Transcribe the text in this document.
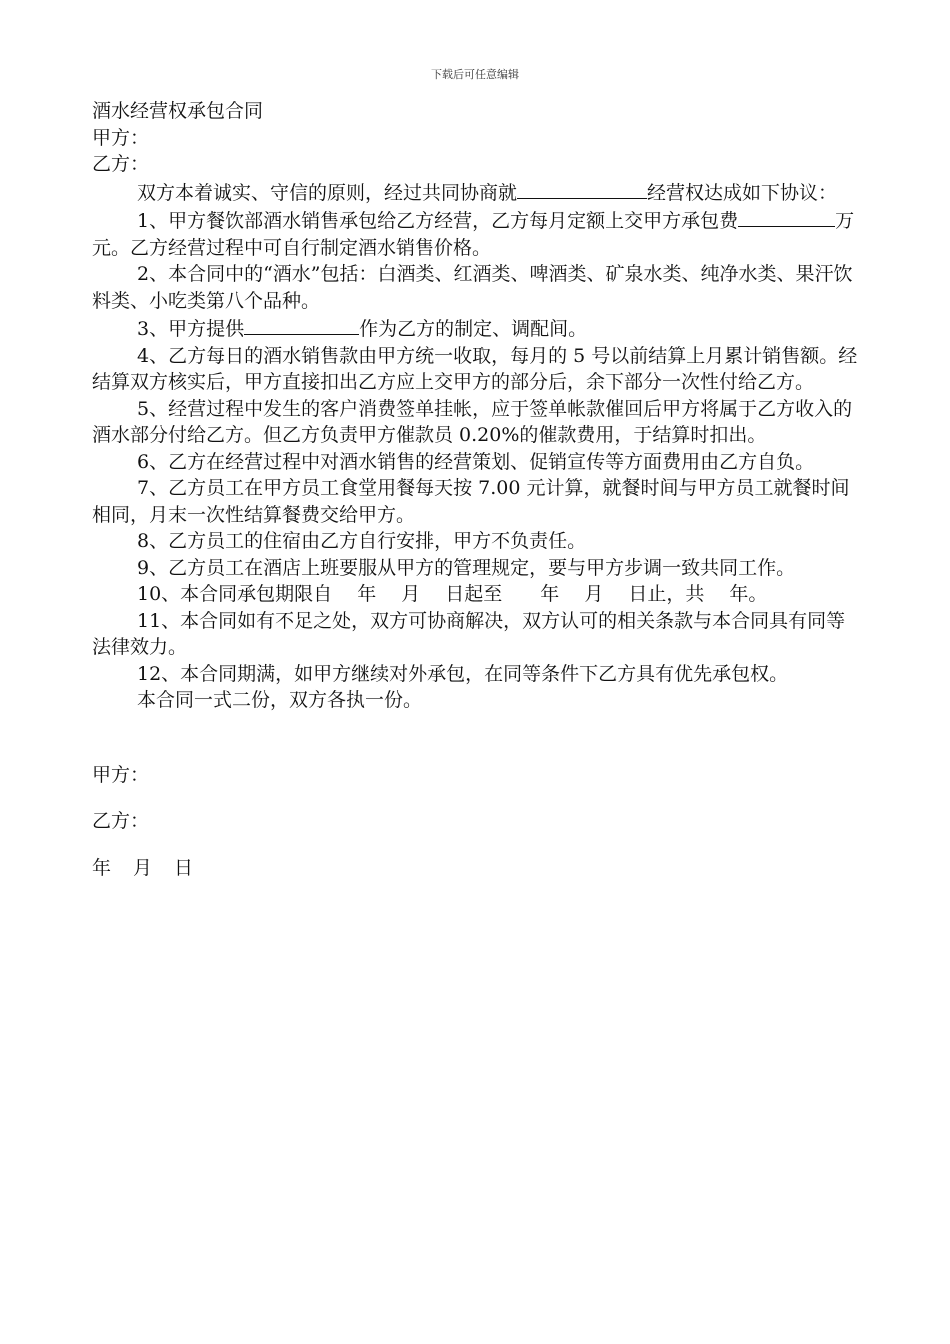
下载后可任意编辑

酒水经营权承包合同

甲方：

乙方：

双方本着诚实、守信的原则，经过共同协商就	经营权达成如下协议：

1、甲方餐饮部酒水销售承包给乙方经营，乙方每月定额上交甲方承包费	万元。乙方经营过程中可自行制定酒水销售价格。

2、本合同中的“酒水”包括：白酒类、红酒类、啤酒类、矿泉水类、纯净水类、果汗饮料类、小吃类第八个品种。

3、甲方提供	作为乙方的制定、调配间。

4、乙方每日的酒水销售款由甲方统一收取，每月的 5 号以前结算上月累计销售额。经结算双方核实后，甲方直接扣出乙方应上交甲方的部分后，余下部分一次性付给乙方。

5、经营过程中发生的客户消费签单挂帐，应于签单帐款催回后甲方将属于乙方收入的酒水部分付给乙方。但乙方负责甲方催款员 0.20%的催款费用，于结算时扣出。

6、乙方在经营过程中对酒水销售的经营策划、促销宣传等方面费用由乙方自负。

7、乙方员工在甲方员工食堂用餐每天按 7.00 元计算，就餐时间与甲方员工就餐时间相同，月末一次性结算餐费交给甲方。

8、乙方员工的住宿由乙方自行安排，甲方不负责任。

9、乙方员工在酒店上班要服从甲方的管理规定，要与甲方步调一致共同工作。

10、本合同承包期限自　 年　 月　 日起至　　年　 月　 日止，共　 年。

11、本合同如有不足之处，双方可协商解决，双方认可的相关条款与本合同具有同等法律效力。

12、本合同期满，如甲方继续对外承包，在同等条件下乙方具有优先承包权。

本合同一式二份，双方各执一份。

甲方：

乙方：

年 月 日
